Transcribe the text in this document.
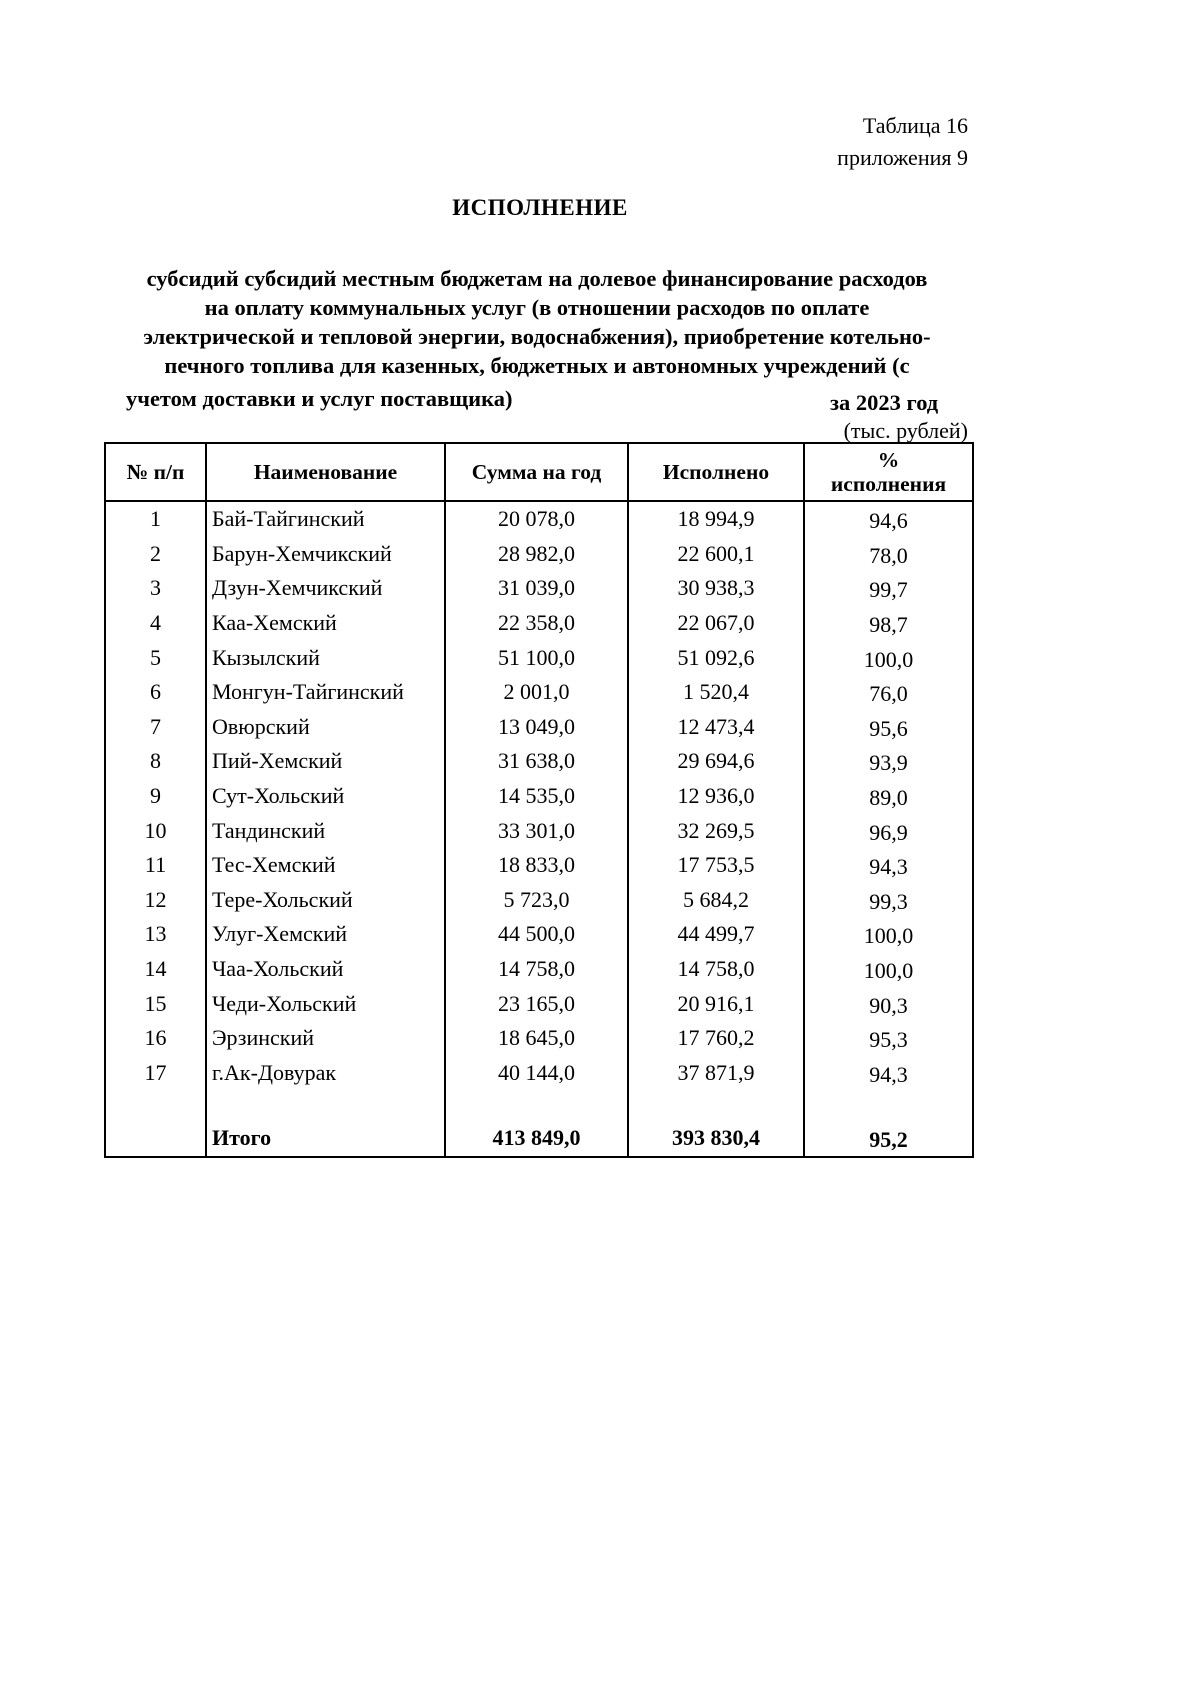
Таблица 16
приложения 9
ИСПОЛНЕНИЕ
субсидий субсидий местным бюджетам на долевое финансирование расходов
на оплату коммунальных услуг (в отношении расходов по оплате
электрической и тепловой энергии, водоснабжения), приобретение котельно-
печного топлива для казенных, бюджетных и автономных учреждений (с
учетом доставки и услуг поставщика)	за 2023 год
(тыс. рублей)
№ п/п	Наименование	Сумма на год	Исполнено	%
исполнения

1	Бай-Тайгинский	20 078,0	18 994,9	94,6
2	Барун-Хемчикский	28 982,0	22 600,1	78,0
3	Дзун-Хемчикский	31 039,0	30 938,3	99,7
4	Каа-Хемский	22 358,0	22 067,0	98,7
5	Кызылский	51 100,0	51 092,6	100,0
6	Монгун-Тайгинский	2 001,0	1 520,4	76,0
7	Овюрский	13 049,0	12 473,4	95,6
8	Пий-Хемский	31 638,0	29 694,6	93,9
9	Сут-Хольский	14 535,0	12 936,0	89,0
10	Тандинский	33 301,0	32 269,5	96,9
11	Тес-Хемский	18 833,0	17 753,5	94,3
12	Тере-Хольский	5 723,0	5 684,2	99,3
13	Улуг-Хемский	44 500,0	44 499,7	100,0
14	Чаа-Хольский	14 758,0	14 758,0	100,0
15	Чеди-Хольский	23 165,0	20 916,1	90,3
16	Эрзинский	18 645,0	17 760,2	95,3
17	г.Ак-Довурак	40 144,0	37 871,9	94,3

	Итого	413 849,0	393 830,4	95,2
